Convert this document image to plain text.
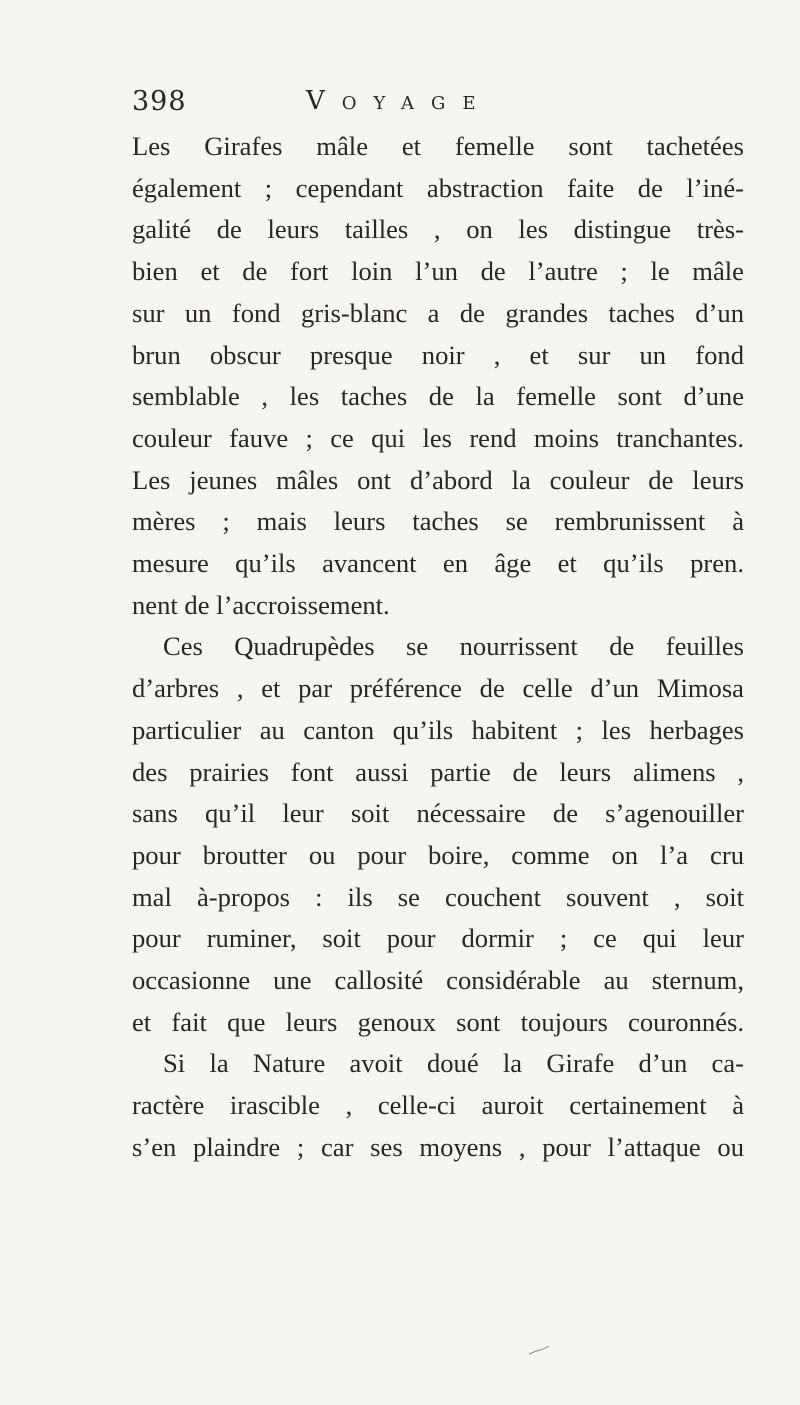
398	Voyage
Les Girafes mâle et femelle sont tachetées
également ; cependant abstraction faite de l’iné-
galité de leurs tailles , on les distingue très-
bien et de fort loin l’un de l’autre ; le mâle
sur un fond gris-blanc a de grandes taches d’un
brun obscur presque noir , et sur un fond
semblable , les taches de la femelle sont d’une
couleur fauve ; ce qui les rend moins tranchantes.
Les jeunes mâles ont d’abord la couleur de leurs
mères ; mais leurs taches se rembrunissent à
mesure qu’ils avancent en âge et qu’ils pren.
nent de l’accroissement.
Ces Quadrupèdes se nourrissent de feuilles
d’arbres , et par préférence de celle d’un Mimosa
particulier au canton qu’ils habitent ; les herbages
des prairies font aussi partie de leurs alimens ,
sans qu’il leur soit nécessaire de s’agenouiller
pour broutter ou pour boire, comme on l’a cru
mal à-propos : ils se couchent souvent , soit
pour ruminer, soit pour dormir ; ce qui leur
occasionne une callosité considérable au sternum,
et fait que leurs genoux sont toujours couronnés.
Si la Nature avoit doué la Girafe d’un ca-
ractère irascible , celle-ci auroit certainement à
s’en plaindre ; car ses moyens , pour l’attaque ou
